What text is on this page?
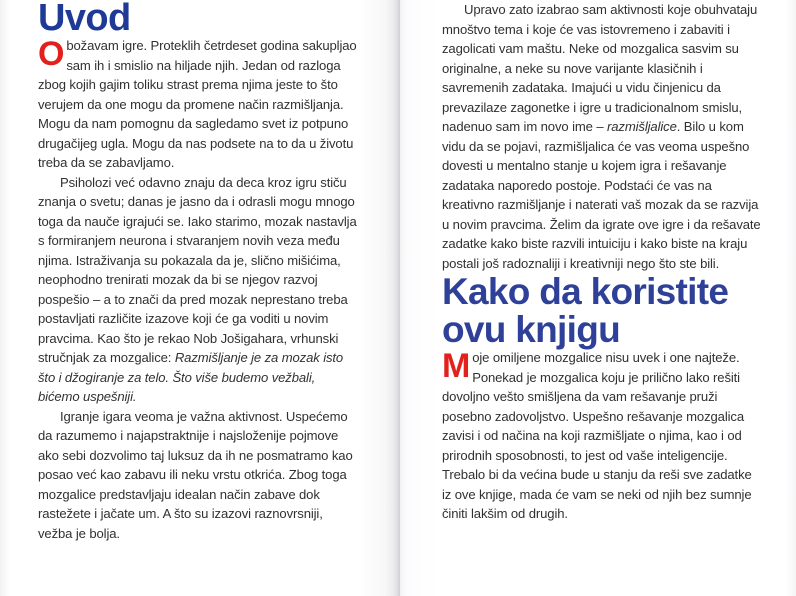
Uvod

Obožavam igre. Proteklih četrdeset godina sakupljao sam ih i smislio na hiljade njih. Jedan od razloga zbog kojih gajim toliku strast prema njima jeste to što verujem da one mogu da promene način razmišljanja. Mogu da nam pomognu da sagledamo svet iz potpuno drugačijeg ugla. Mogu da nas podsete na to da u životu treba da se zabavljamo.

Psiholozi već odavno znaju da deca kroz igru stiču znanja o svetu; danas je jasno da i odrasli mogu mnogo toga da nauče igrajući se. Iako starimo, mozak nastavlja s formiranjem neurona i stvaranjem novih veza među njima. Istraživanja su pokazala da je, slično mišićima, neophodno trenirati mozak da bi se njegov razvoj pospešio – a to znači da pred mozak neprestano treba postavljati različite izazove koji će ga voditi u novim pravcima. Kao što je rekao Nob Jošigahara, vrhunski stručnjak za mozgalice: Razmišljanje je za mozak isto što i džogiranje za telo. Što više budemo vežbali, bićemo uspešniji.

Igranje igara veoma je važna aktivnost. Uspećemo da razumemo i najapstraktnije i najsloženije pojmove ako sebi dozvolimo taj luksuz da ih ne posmatramo kao posao već kao zabavu ili neku vrstu otkrića. Zbog toga mozgalice predstavljaju idealan način zabave dok rastežete i jačate um. A što su izazovi raznovrsniji, vežba je bolja.

Upravo zato izabrao sam aktivnosti koje obuhvataju mnoštvo tema i koje će vas istovremeno i zabaviti i zagolicati vam maštu. Neke od mozgalica sasvim su originalne, a neke su nove varijante klasičnih i savremenih zadataka. Imajući u vidu činjenicu da prevazilaze zagonetke i igre u tradicionalnom smislu, nadenuo sam im novo ime – razmišljalice. Bilo u kom vidu da se pojavi, razmišljalica će vas veoma uspešno dovesti u mentalno stanje u kojem igra i rešavanje zadataka naporedo postoje. Podstaći će vas na kreativno razmišljanje i naterati vaš mozak da se razvija u novim pravcima. Želim da igrate ove igre i da rešavate zadatke kako biste razvili intuiciju i kako biste na kraju postali još radoznaliji i kreativniji nego što ste bili.

Kako da koristite ovu knjigu

Moje omiljene mozgalice nisu uvek i one najteže. Ponekad je mozgalica koju je prilično lako rešiti dovoljno vešto smišljena da vam rešavanje pruži posebno zadovoljstvo. Uspešno rešavanje mozgalica zavisi i od načina na koji razmišljate o njima, kao i od prirodnih sposobnosti, to jest od vaše inteligencije. Trebalo bi da većina bude u stanju da reši sve zadatke iz ove knjige, mada će vam se neki od njih bez sumnje činiti lakšim od drugih.
